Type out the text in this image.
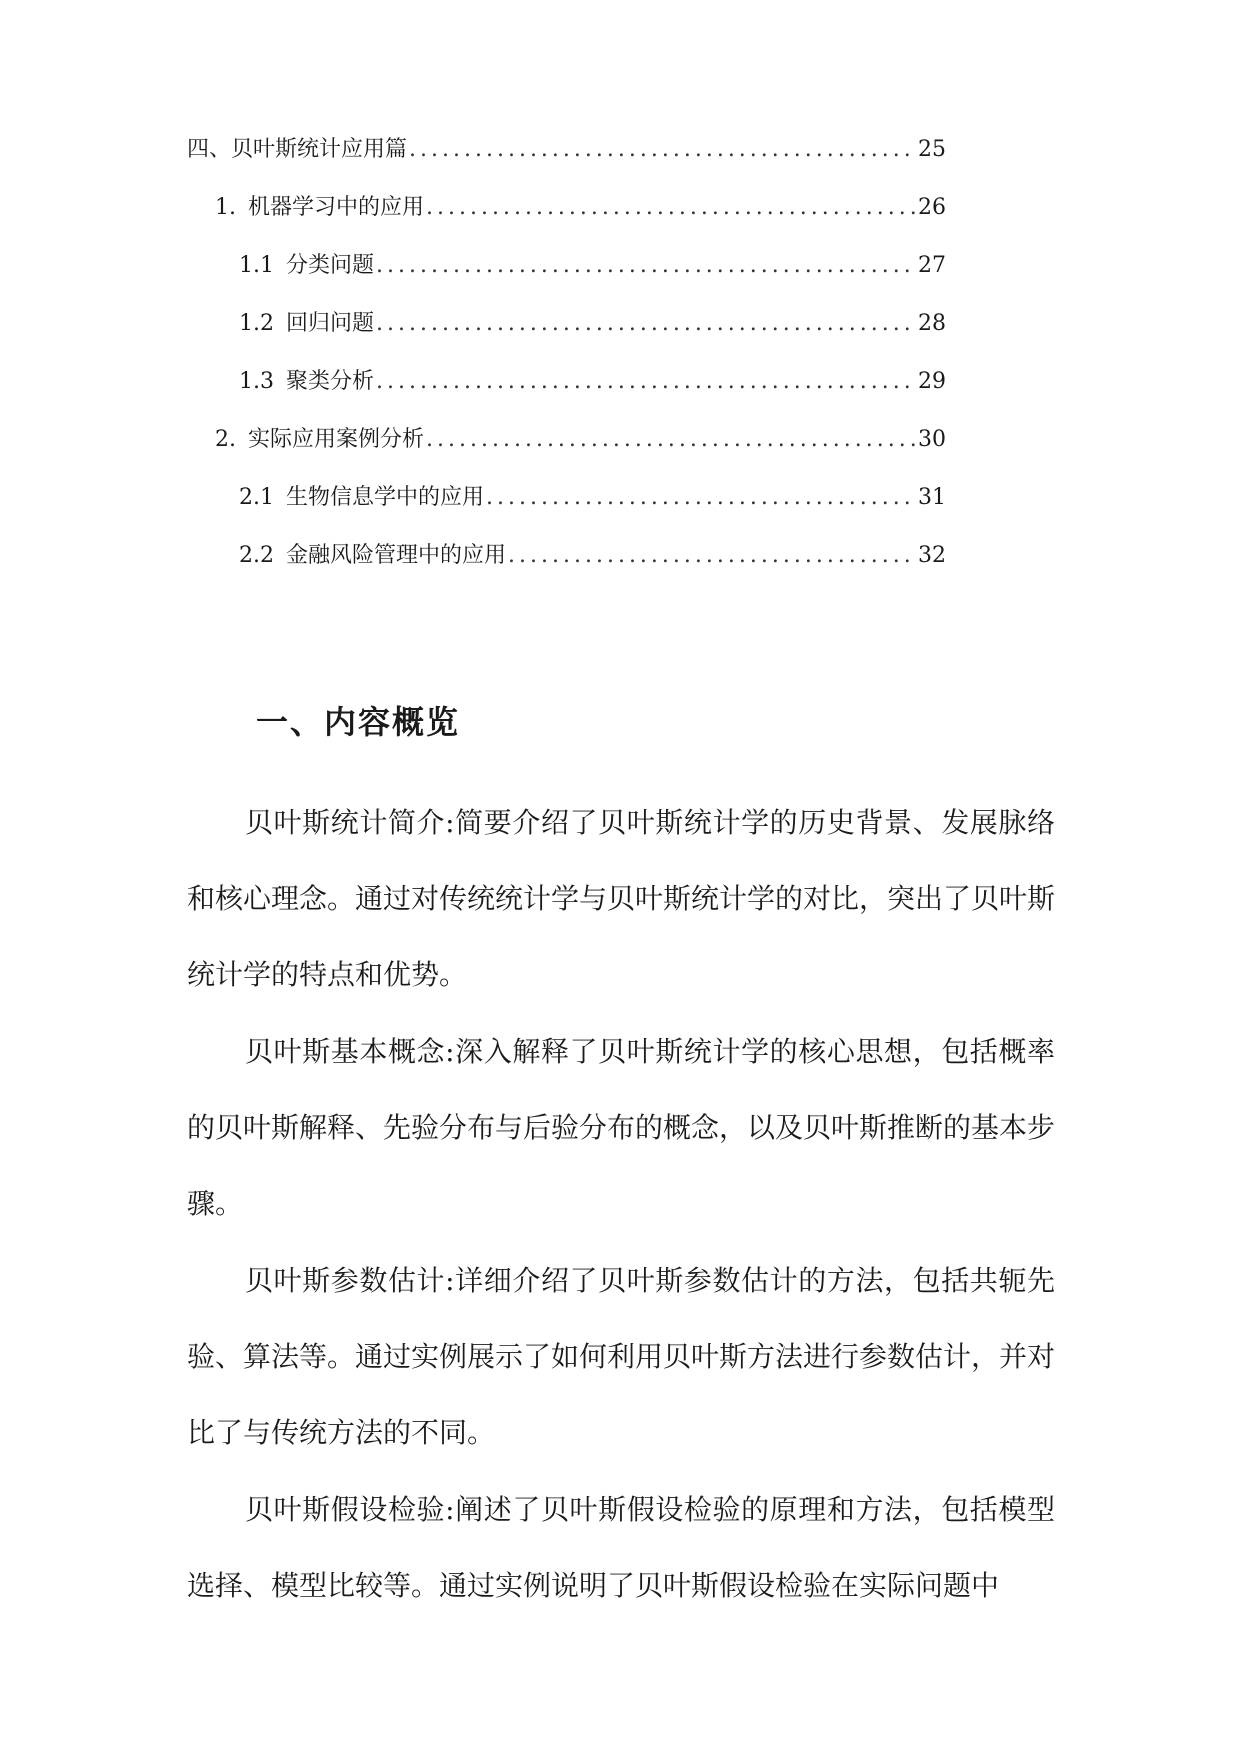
四、贝叶斯统计应用篇 .....	25
1. 机器学习中的应用 .....	26
1.1 分类问题 .....	27
1.2 回归问题 .....	28
1.3 聚类分析 .....	29
2. 实际应用案例分析 .....	30
2.1 生物信息学中的应用 .....	31
2.2 金融风险管理中的应用 .....	32
一、内容概览

贝叶斯统计简介:简要介绍了贝叶斯统计学的历史背景、发展脉络和核心理念。通过对传统统计学与贝叶斯统计学的对比，突出了贝叶斯统计学的特点和优势。

贝叶斯基本概念:深入解释了贝叶斯统计学的核心思想，包括概率的贝叶斯解释、先验分布与后验分布的概念，以及贝叶斯推断的基本步骤。

贝叶斯参数估计:详细介绍了贝叶斯参数估计的方法，包括共轭先验、算法等。通过实例展示了如何利用贝叶斯方法进行参数估计，并对比了与传统方法的不同。

贝叶斯假设检验:阐述了贝叶斯假设检验的原理和方法，包括模型选择、模型比较等。通过实例说明了贝叶斯假设检验在实际问题中
